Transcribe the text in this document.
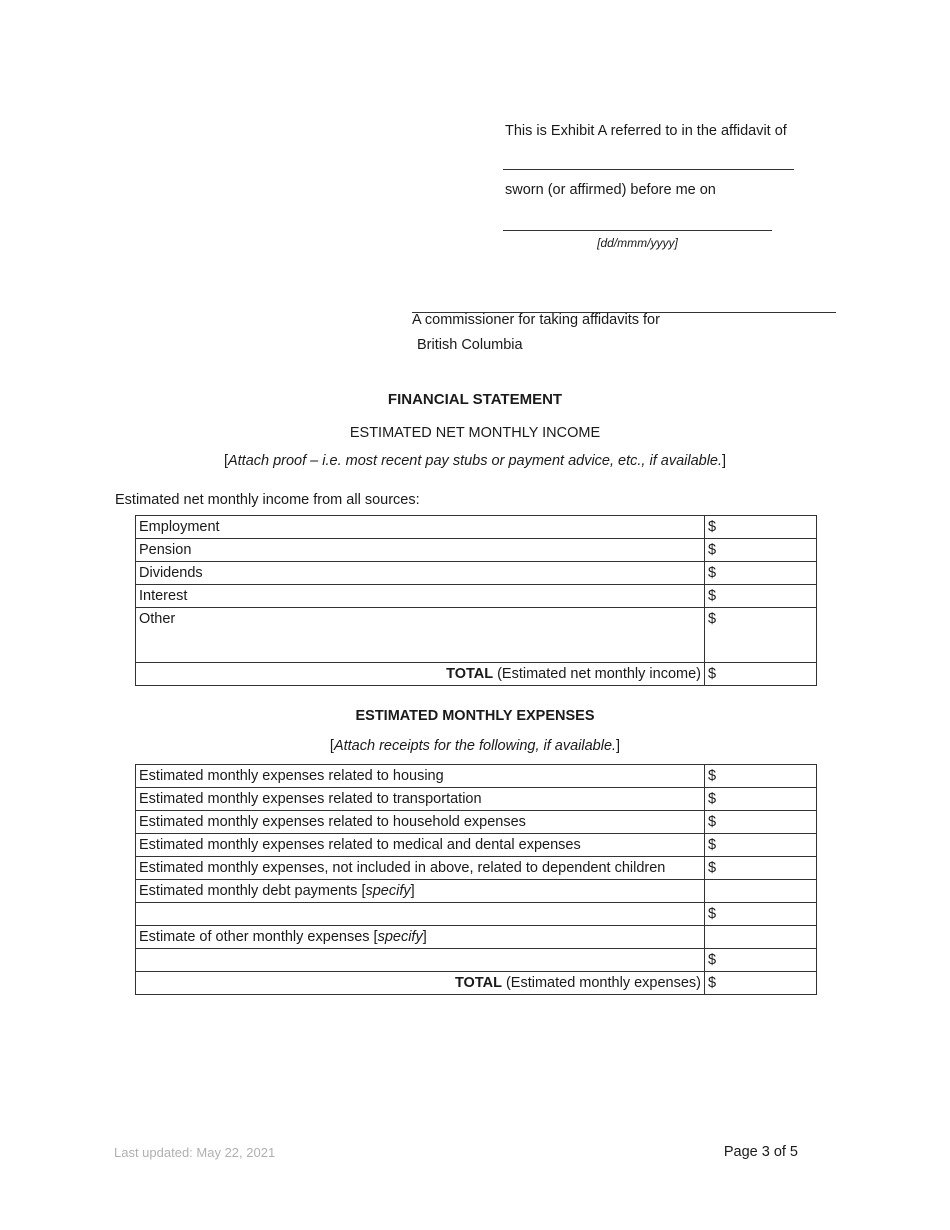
This is Exhibit A referred to in the affidavit of
sworn (or affirmed) before me on
[dd/mmm/yyyy]
A commissioner for taking affidavits for
British Columbia
FINANCIAL STATEMENT
ESTIMATED NET MONTHLY INCOME
[Attach proof – i.e. most recent pay stubs or payment advice, etc., if available.]
Estimated net monthly income from all sources:
Employment	$
Pension	$
Dividends	$
Interest	$
Other	$
TOTAL (Estimated net monthly income)	$
ESTIMATED MONTHLY EXPENSES
[Attach receipts for the following, if available.]
Estimated monthly expenses related to housing	$
Estimated monthly expenses related to transportation	$
Estimated monthly expenses related to household expenses	$
Estimated monthly expenses related to medical and dental expenses	$
Estimated monthly expenses, not included in above, related to dependent children	$
Estimated monthly debt payments [specify]	
	$
Estimate of other monthly expenses [specify]	
	$
TOTAL (Estimated monthly expenses)	$
Last updated: May 22, 2021	Page 3 of 5
